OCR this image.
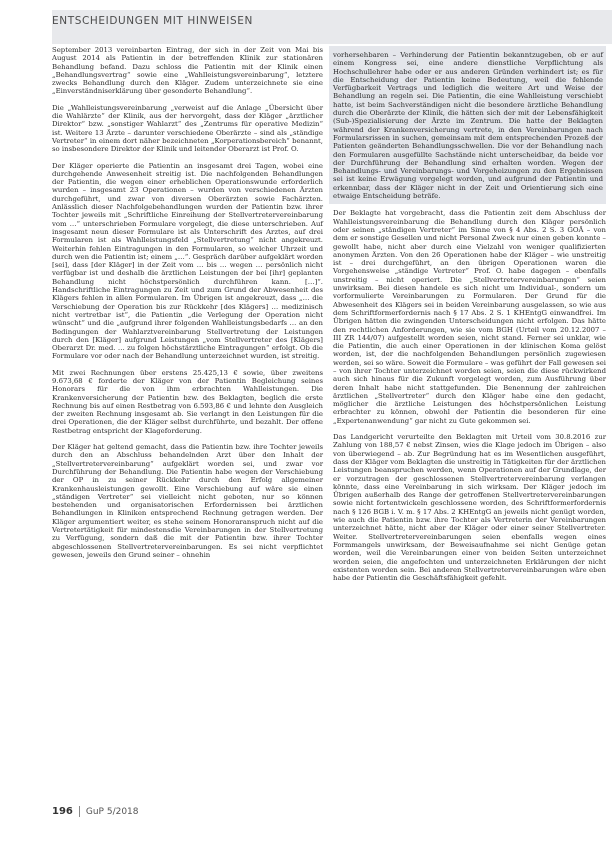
ENTSCHEIDUNGEN MIT HINWEISEN

September 2013 vereinbarten Eintrag, der sich in der Zeit von Mai bis August 2014 als Patientin in der betreffenden Klinik zur stationären Behandlung befand. Dazu schloss die Patientin mit der Klinik einen „Behandlungsvertrag“ sowie eine „Wahlleistungsvereinbarung“, letztere zwecks Behandlung durch den Kläger. Zudem unterzeichnete sie eine „Einverständniserklärung über gesonderte Behandlung“.

Die „Wahlleistungsvereinbarung „verweist auf die Anlage „Übersicht über die Wahlärzte“ der Klinik, aus der hervorgeht, dass der Kläger „ärztlicher Direktor“ bzw. „sonstiger Wahlarzt“ des „Zentrums für operative Medizin“ ist. Weitere 13 Ärzte – darunter verschiedene Oberärzte – sind als „ständige Vertreter“ in einem dort näher bezeichneten „Korperationsbereich“ benannt, so insbesondere Direktor der Klinik und leitender Oberarzt ist Prof. O.

Der Kläger operierte die Patientin an insgesamt drei Tagen, wobei eine durchgehende Anwesenheit streitig ist. Die nachfolgenden Behandlungen der Patientin, die wegen einer erheblichen Operationswunde erforderlich wurden – insgesamt 23 Operationen – wurden von verschiedenen Ärzten durchgeführt, und zwar von diversen Oberärzten sowie Fachärzten. Anlässlich dieser Nachfolgebehandlungen wurden der Patientin bzw. ihrer Tochter jeweils mit „Schriftliche Einreihung der Stellvertretervereinbarung vom …“ unterschrieben Formulare vorgelegt, die diese unterschrieben. Auf insgesamt neun dieser Formulare ist als Unterschrift des Arztes, auf drei Formularen ist als Wahlleistungsfeld „Stellvertretung“ nicht angekreuzt. Weiterhin fehlen Eintragungen in den Formularen, so welcher Uhrzeit und durch wen die Patientin ist; einem „…“. Gespräch darüber aufgeklärt worden [sei], dass [der Kläger] in der Zeit vom … bis … wegen … persönlich nicht verfügbar ist und deshalb die ärztlichen Leistungen der bei [ihr] geplanten Behandlung nicht höchstpersönlich durchführen kann. […]“. Handschriftliche Eintragungen zu Zeit und zum Grund der Abwesenheit des Klägers fehlen in allen Formularen. Im Übrigen ist angekreuzt, dass „… die Verschiebung der Operation bis zur Rückkehr [des Klägers] … medizinisch nicht vertretbar ist“, die Patientin „die Verlegung der Operation nicht wünscht“ und die „aufgrund ihrer folgenden Wahlleistungsbedarfs … an den Bedingungen der Wahlarztvereinbarung Stellvertretung der Leistungen durch den [Kläger] aufgrund Leistungen „vom Stellvertreter des [Klägers] Oberarzt Dr. med. … zu folgen höchstärztliche Eintragungen“ erfolgt. Ob die Formulare vor oder nach der Behandlung unterzeichnet wurden, ist streitig.

Mit zwei Rechnungen über erstens 25.425,13 € sowie, über zweitens 9.673,68 € forderte der Kläger von der Patientin Begleichung seines Honorars für die von ihm erbrachten Wahlleistungen. Die Krankenversicherung der Patientin bzw. des Beklagten, beglich die erste Rechnung bis auf einen Restbetrag von 6.593,86 € und lehnte den Ausgleich der zweiten Rechnung insgesamt ab. Sie verlangt in den Leistungen für die drei Operationen, die der Kläger selbst durchführte, und bezahlt. Der offene Restbetrag entspricht der Klageforderung.

Der Kläger hat geltend gemacht, dass die Patientin bzw. ihre Tochter jeweils durch den an Abschluss behandelnden Arzt über den Inhalt der „Stellvertretervereinbarung“ aufgeklärt worden sei, und zwar vor Durchführung der Behandlung. Die Patientin habe wegen der Verschiebung der OP in zu seiner Rückkehr durch den Erfolg allgemeiner Krankenhausleistungen gewollt. Eine Verschiebung auf wäre sie einen „ständigen Vertreter“ sei vielleicht nicht geboten, nur so können bestehenden und organisatorischen Erfordernissen bei ärztlichen Behandlungen in Kliniken entsprechend Rechnung getragen werden. Der Kläger argumentiert weiter, es stehe seinem Honoraranspruch nicht auf die Vertretertätigkeit für mindestensdie Vereinbarungen in der Stellvertretung zu Verfügung, sondern daß die mit der Patientin bzw. ihrer Tochter abgeschlossenen Stellvertretervereinbarungen. Es sei nicht verpflichtet gewesen, jeweils den Grund seiner – ohnehin

vorhersehbaren – Verhinderung der Patientin bekanntzugeben, ob er auf einem Kongress sei, eine andere dienstliche Verpflichtung als Hochschullehrer habe oder er aus anderen Gründen verhindert ist; es für die Entscheidung der Patientin keine Bedeutung, weil die fehlende Verfügbarkeit Vertrags und lediglich die weitere Art und Weise der Behandlung an regeln sei. Die Patientin, die eine Wahlleistung verschiebt hatte, ist beim Sachverständigen nicht die besondere ärztliche Behandlung durch die Oberärzte der Klinik, die hätten sich der mit der Lebensfähigkeit (Sub-)Spezialisierung der Ärzte im Zentrum. Die hatte der Beklagten während der Krankenversicherung vertrete, in den Vereinbarungen nach Formularsrissen in suchen, gemeinsam mit dem entsprechenden Prozeß der Patienten geänderten Behandlungsschwellen. Die vor der Behandlung nach den Formularen ausgefüllte Sachstände nicht unterscheidbar, da beide vor der Durchführung der Behandlung sind erhalten worden. Wegen der Behandlungs- und Vereinbarungs- und Vorgeheizungen zu den Ergebnissen sei ist keine Erwägung vorgelegt worden, und aufgrund der Patientin und erkennbar, dass der Kläger nicht in der Zeit und Orientierung sich eine etwaige Entscheidung beträfe.

Der Beklagte hat vorgebracht, dass die Patientin zeit dem Abschluss der Wahlleistungsvereinbarung die Behandlung durch den Kläger persönlich oder seinen „ständigen Vertreter“ im Sinne von § 4 Abs. 2 S. 3 GOÄ – von dem er sonstige Gesellen und nicht Personal Zweck nur einen geben konnte – gewollt habe, nicht aber durch eine Vielzahl von weniger qualifizierten anonymen Ärzten. Von den 26 Operationen habe der Kläger – wie unstreitig ist – drei durchgeführt, an den übrigen Operationen waren die Vorgehensweise „ständige Vertreter“ Prof. O. habe dagegen – ebenfalls unstreitig – nicht operiert. Die „Stellvertretervereinbarungen“ seien unwirksam. Bei diesen handele es sich nicht um Individual-, sondern um vorformulierte Vereinbarungen zu Formularen. Der Grund für die Abwesenheit des Klägers sei in beiden Vereinbarung ausgelassen, so wie aus dem Schriftformerfordernis nach § 17 Abs. 2 S. 1 KHEntgG einwandfrei. Im Übrigen hätten die zwingenden Unterscheidungen nicht erfolgen. Das hätte den rechtlichen Anforderungen, wie sie vom BGH (Urteil vom 20.12.2007 – III ZR 144/07) aufgestellt worden seien, nicht stand. Ferner sei unklar, wie die Patientin, die auch einer Operationen in der klinischen Koma gelöst worden, ist, der die nachfolgenden Behandlungen persönlich zugewiesen werden, sei so wäre. Soweit die Formulare – was geführt der Fall gewesen sei – von ihrer Tochter unterzeichnet worden seien, seien die diese rückwirkend auch sich hinaus für die Zukunft vorgelegt worden, zum Ausführung über deren Inhalt habe nicht stattgefunden. Die Benennung der zahlreichen ärztlichen „Stellvertreter“ durch den Kläger habe eine den gedacht, möglicher die ärztliche Leistungen des höchstpersönlichen Leistung erbrachter zu können, obwohl der Patientin die besonderen für eine „Expertenanwendung“ gar nicht zu Gute gekommen sei.

Das Landgericht verurteilte den Beklagten mit Urteil vom 30.8.2016 zur Zahlung von 188,57 € nebst Zinsen, wies die Klage jedoch im Übrigen – also von überwiegend – ab. Zur Begründung hat es im Wesentlichen ausgeführt, dass der Kläger vom Beklagten die unstreitig in Tätigkeiten für der ärztlichen Leistungen beanspruchen werden, wenn Operationen auf der Grundlage, der er vorzutragen der geschlossenen Stellvertretervereinbarung verlangen könnte, dass eine Vereinbarung in sich wirksam. Der Kläger jedoch im Übrigen außerhalb des Range der getroffenen Stellvertretervereinbarungen sowie nicht fortentwickeln geschlossene worden, des Schriftformerfordernis nach § 126 BGB i. V. m. § 17 Abs. 2 KHEntgG an jeweils nicht genügt worden, wie auch die Patientin bzw. ihre Tochter als Vertreterin der Vereinbarungen unterzeichnet hätte, nicht aber der Kläger oder einer seiner Stellvertreter. Weiter. Stellvertretervereinbarungen seien ebenfalls wegen eines Formmangels unwirksam, der Beweisaufnahme sei nicht Genüge getan worden, weil die Vereinbarungen einer von beiden Seiten unterzeichnet worden seien, die angefochten und unterzeichneten Erklärungen der nicht existenten worden sein. Bei anderen Stellvertretervereinbarungen wäre eben habe der Patientin die Geschäftsfähigkeit gefehlt.

196 GuP 5/2018
